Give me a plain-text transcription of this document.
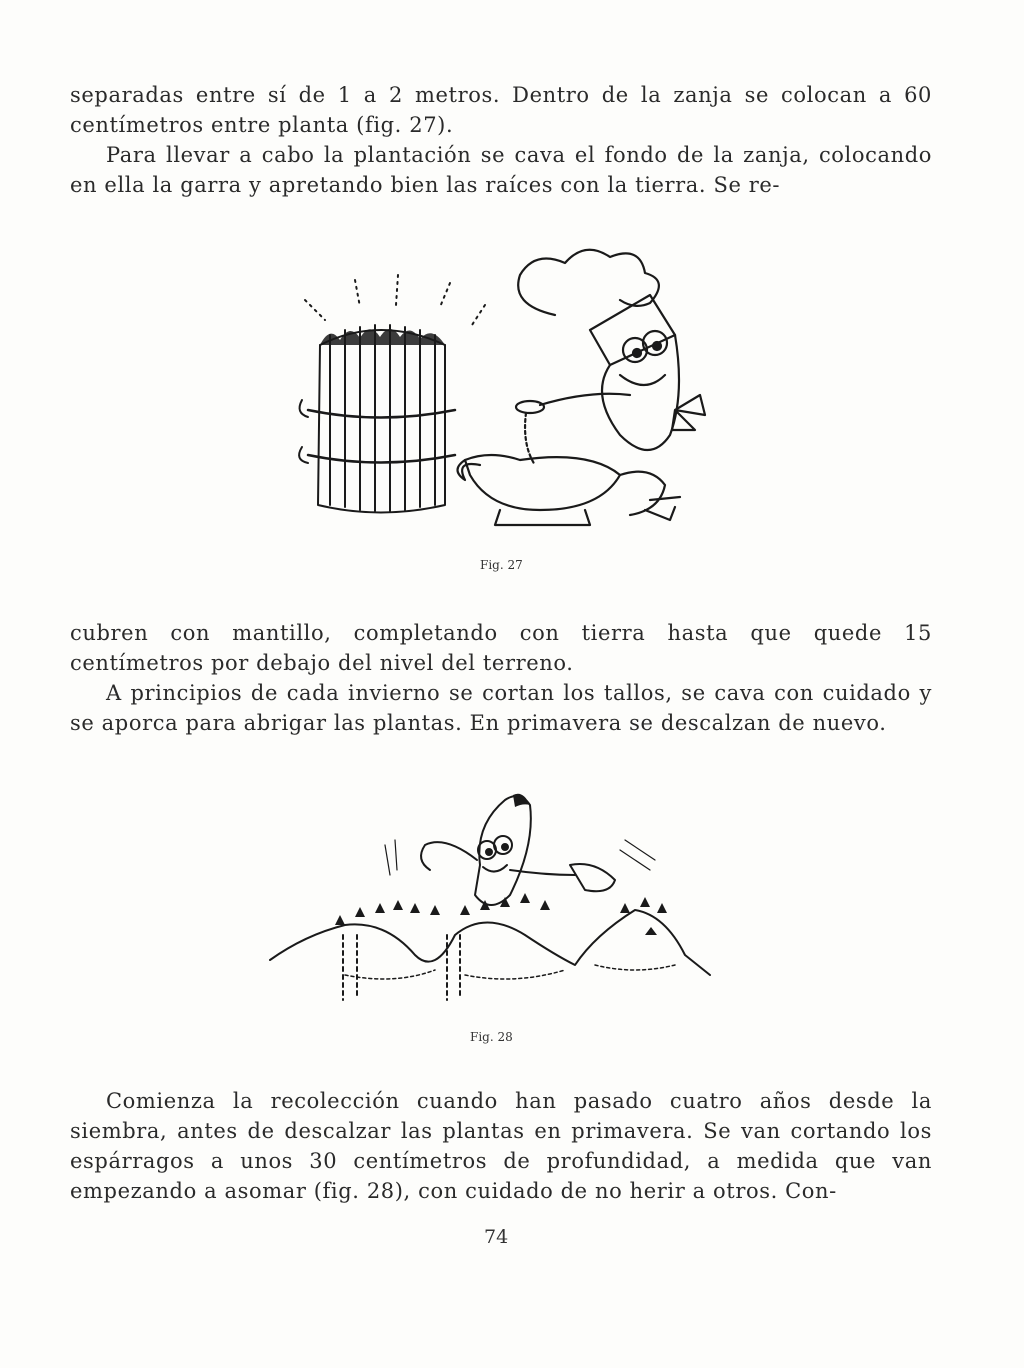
separadas entre sí de 1 a 2 metros. Dentro de la zanja se colocan a 60 centímetros entre planta (fig. 27).

Para llevar a cabo la plantación se cava el fondo de la zanja, colocando en ella la garra y apretando bien las raíces con la tierra. Se re-

Fig. 27

cubren con mantillo, completando con tierra hasta que quede 15 centímetros por debajo del nivel del terreno.

A principios de cada invierno se cortan los tallos, se cava con cuidado y se aporca para abrigar las plantas. En primavera se descalzan de nuevo.

Fig. 28

Comienza la recolección cuando han pasado cuatro años desde la siembra, antes de descalzar las plantas en primavera. Se van cortando los espárragos a unos 30 centímetros de profundidad, a medida que van empezando a asomar (fig. 28), con cuidado de no herir a otros. Con-

74
